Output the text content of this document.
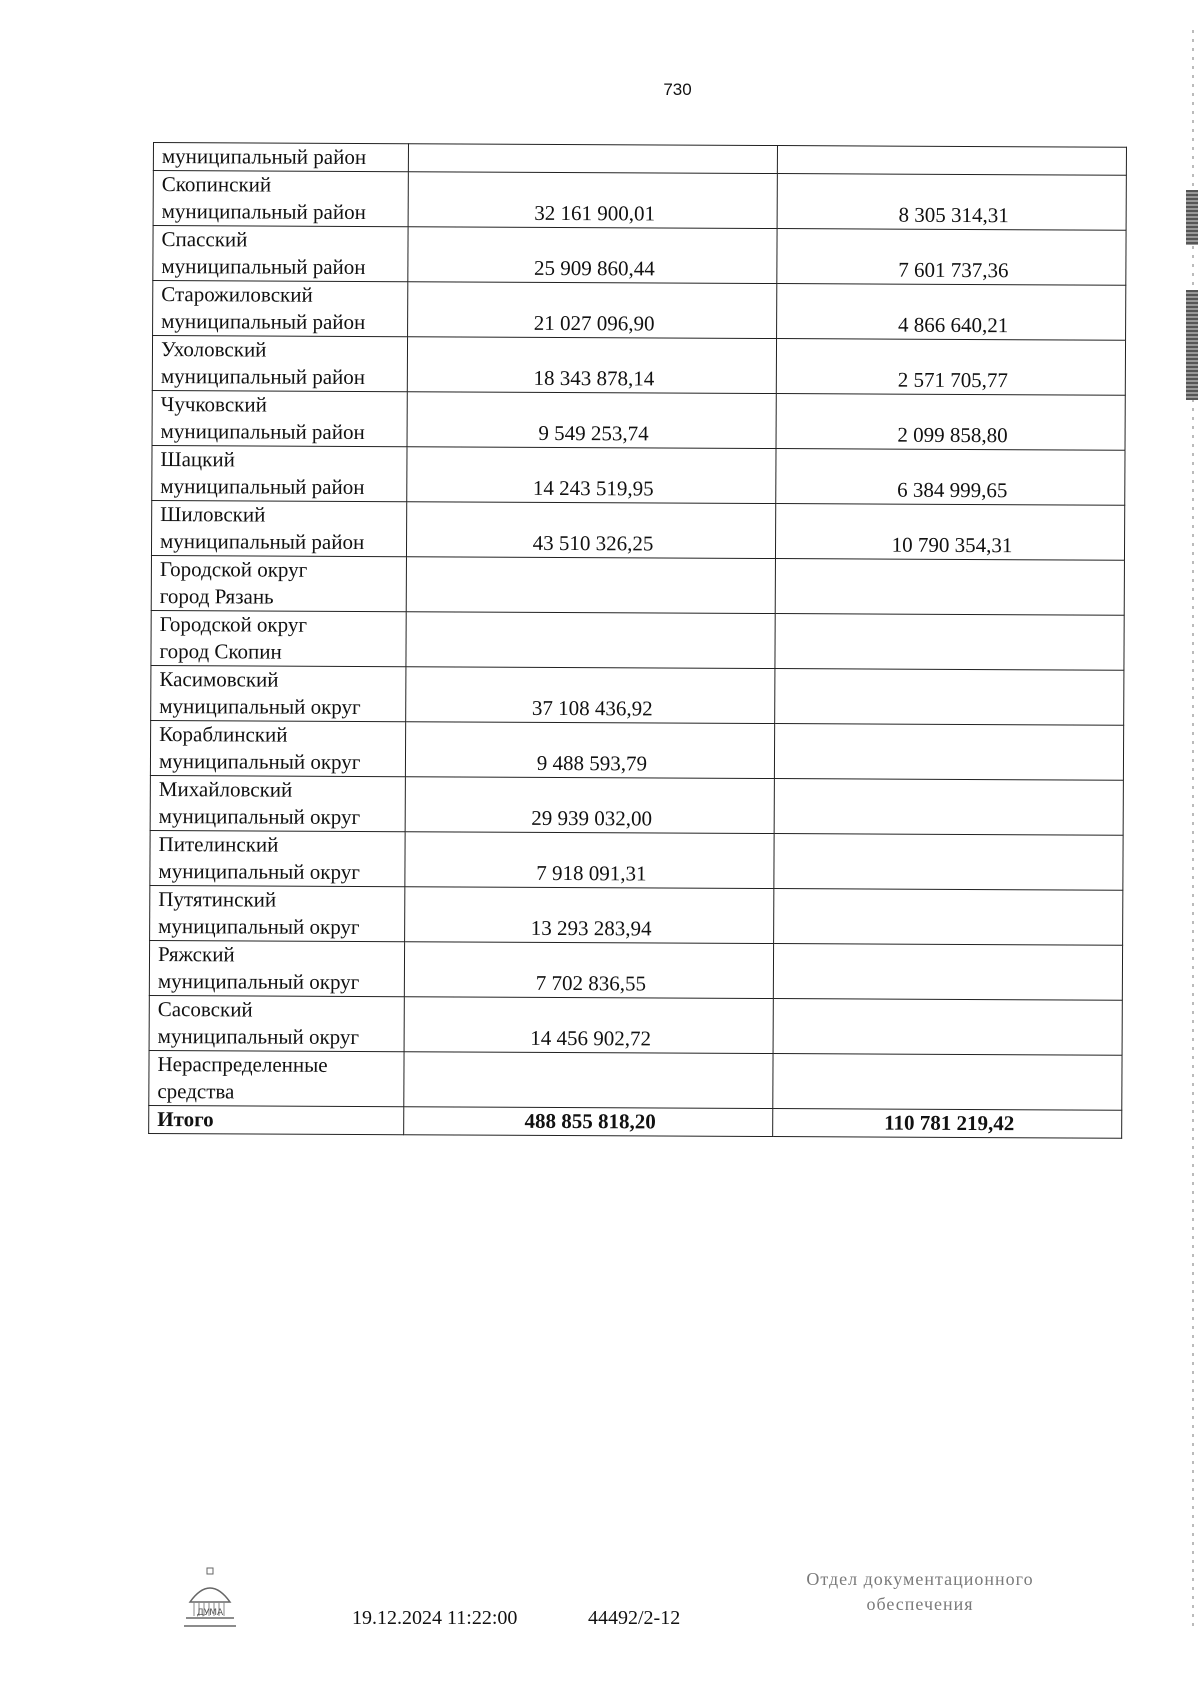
730
муниципальный район		

Скопинский
муниципальный район	32 161 900,01	8 305 314,31

Спасский
муниципальный район	25 909 860,44	7 601 737,36

Старожиловский
муниципальный район	21 027 096,90	4 866 640,21

Ухоловский
муниципальный район	18 343 878,14	2 571 705,77

Чучковский
муниципальный район	9 549 253,74	2 099 858,80

Шацкий
муниципальный район	14 243 519,95	6 384 999,65

Шиловский
муниципальный район	43 510 326,25	10 790 354,31

Городской округ
город Рязань		

Городской округ
город Скопин		

Касимовский
муниципальный округ	37 108 436,92	

Кораблинский
муниципальный округ	9 488 593,79	

Михайловский
муниципальный округ	29 939 032,00	

Пителинский
муниципальный округ	7 918 091,31	

Путятинский
муниципальный округ	13 293 283,94	

Ряжский
муниципальный округ	7 702 836,55	

Сасовский
муниципальный округ	14 456 902,72	

Нераспределенные
средства		

Итого	488 855 818,20	110 781 219,42
ДУМА	19.12.2024 11:22:00	44492/2-12
Отдел документационного
обеспечения
